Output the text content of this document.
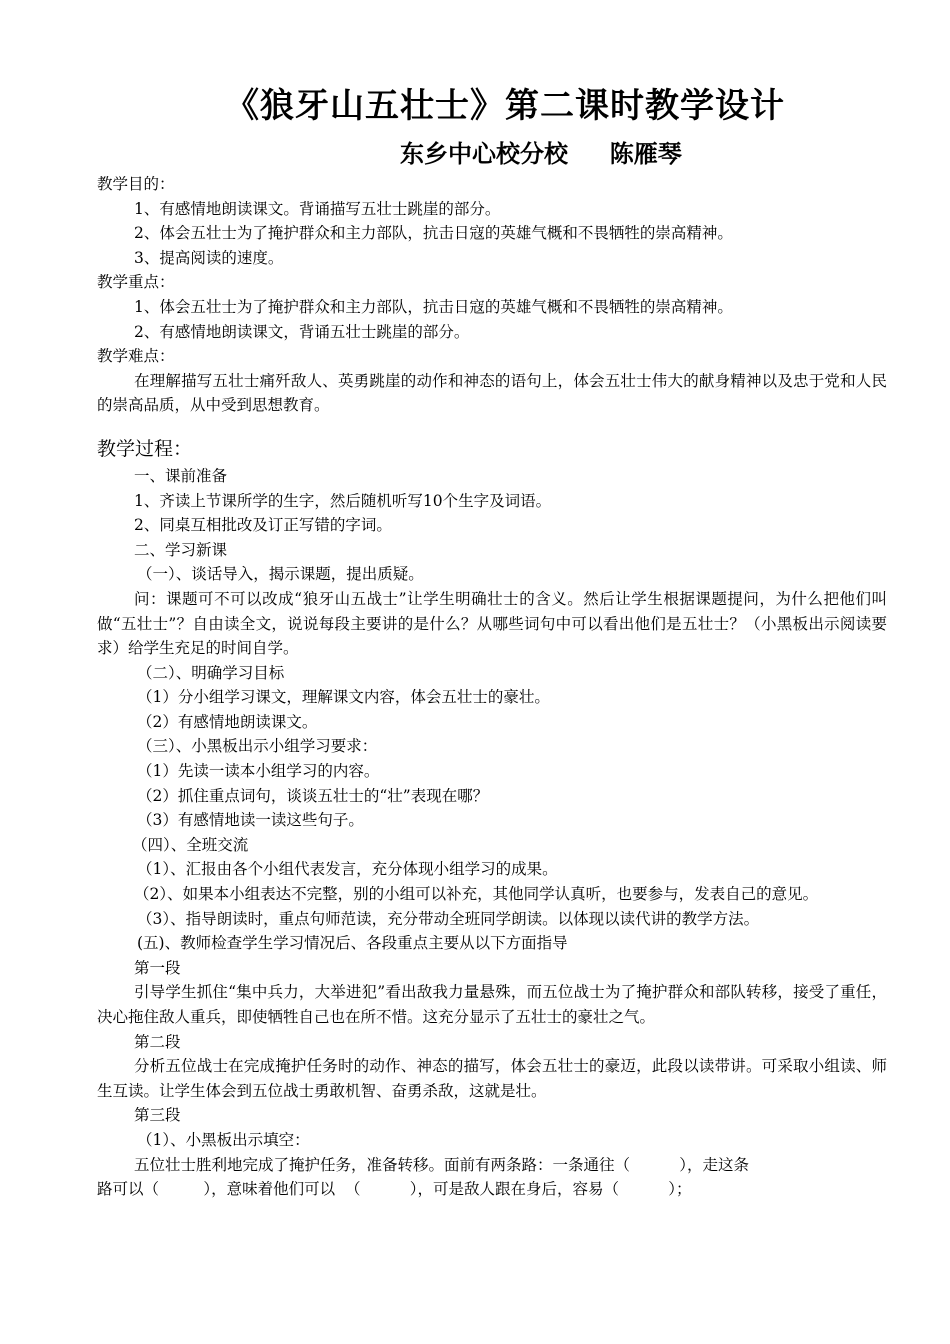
《狼牙山五壮士》第二课时教学设计
东乡中心校分校     陈雁琴
教学目的：
1、有感情地朗读课文。背诵描写五壮士跳崖的部分。
2、体会五壮士为了掩护群众和主力部队，抗击日寇的英雄气概和不畏牺牲的崇高精神。
3、提高阅读的速度。
教学重点：
1、体会五壮士为了掩护群众和主力部队，抗击日寇的英雄气概和不畏牺牲的崇高精神。
2、有感情地朗读课文，背诵五壮士跳崖的部分。
教学难点：
在理解描写五壮士痛歼敌人、英勇跳崖的动作和神态的语句上，体会五壮士伟大的献身精神以及忠于党和人民的崇高品质，从中受到思想教育。
教学过程：
一、课前准备
1、齐读上节课所学的生字，然后随机听写10个生字及词语。
2、同桌互相批改及订正写错的字词。
二、学习新课
（一）、谈话导入，揭示课题，提出质疑。
问：课题可不可以改成“狼牙山五战士”让学生明确壮士的含义。然后让学生根据课题提问，为什么把他们叫做“五壮士”？自由读全文，说说每段主要讲的是什么？从哪些词句中可以看出他们是五壮士？（小黑板出示阅读要求）给学生充足的时间自学。
（二）、明确学习目标
（1）分小组学习课文，理解课文内容，体会五壮士的豪壮。
（2）有感情地朗读课文。
（三）、小黑板出示小组学习要求：
（1）先读一读本小组学习的内容。
（2）抓住重点词句，谈谈五壮士的“壮”表现在哪？
（3）有感情地读一读这些句子。
（四）、全班交流
（1）、汇报由各个小组代表发言，充分体现小组学习的成果。
（2）、如果本小组表达不完整，别的小组可以补充，其他同学认真听，也要参与，发表自己的意见。
（3）、指导朗读时，重点句师范读，充分带动全班同学朗读。以体现以读代讲的教学方法。
(五)、教师检查学生学习情况后、各段重点主要从以下方面指导
第一段
引导学生抓住“集中兵力，大举进犯”看出敌我力量悬殊，而五位战士为了掩护群众和部队转移，接受了重任，决心拖住敌人重兵，即使牺牲自己也在所不惜。这充分显示了五壮士的豪壮之气。
第二段
分析五位战士在完成掩护任务时的动作、神态的描写，体会五壮士的豪迈，此段以读带讲。可采取小组读、师生互读。让学生体会到五位战士勇敢机智、奋勇杀敌，这就是壮。
第三段
（1）、小黑板出示填空：
五位壮士胜利地完成了掩护任务，准备转移。面前有两条路：一条通往（          ），走这条
路可以（         ），意味着他们可以  （          ），可是敌人跟在身后，容易（          ）；
